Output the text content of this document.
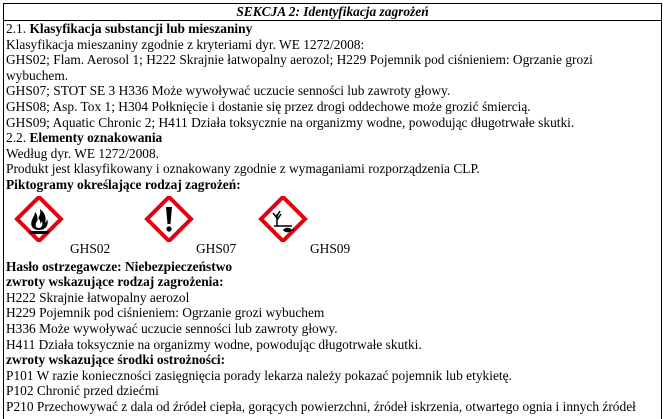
SEKCJA 2: Identyfikacja zagrożeń
2.1. Klasyfikacja substancji lub mieszaniny
Klasyfikacja mieszaniny zgodnie z kryteriami dyr. WE 1272/2008:
GHS02; Flam. Aerosol 1; H222 Skrajnie łatwopalny aerozol; H229 Pojemnik pod ciśnieniem: Ogrzanie grozi wybuchem.
GHS07; STOT SE 3 H336 Może wywoływać uczucie senności lub zawroty głowy.
GHS08; Asp. Tox 1; H304 Połknięcie i dostanie się przez drogi oddechowe może grozić śmiercią.
GHS09; Aquatic Chronic 2; H411 Działa toksycznie na organizmy wodne, powodując długotrwałe skutki.
2.2. Elementy oznakowania
Według dyr. WE 1272/2008.
Produkt jest klasyfikowany i oznakowany zgodnie z wymaganiami rozporządzenia CLP.
Piktogramy określające rodzaj zagrożeń:
GHS02	GHS07	GHS09
Hasło ostrzegawcze: Niebezpieczeństwo
zwroty wskazujące rodzaj zagrożenia:
H222 Skrajnie łatwopalny aerozol
H229 Pojemnik pod ciśnieniem: Ogrzanie grozi wybuchem
H336 Może wywoływać uczucie senności lub zawroty głowy.
H411 Działa toksycznie na organizmy wodne, powodując długotrwałe skutki.
zwroty wskazujące środki ostrożności:
P101 W razie konieczności zasięgnięcia porady lekarza należy pokazać pojemnik lub etykietę.
P102 Chronić przed dziećmi
P210 Przechowywać z dala od źródeł ciepła, gorących powierzchni, źródeł iskrzenia, otwartego ognia i innych źródeł
